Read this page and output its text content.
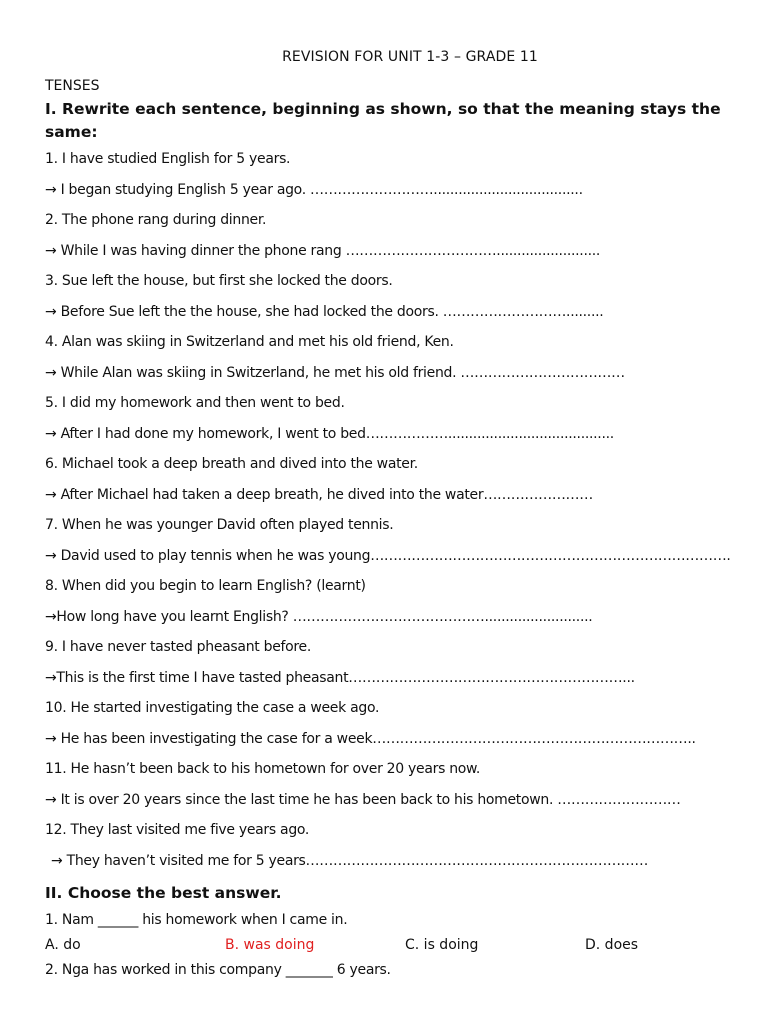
REVISION FOR UNIT 1-3 – GRADE 11
TENSES
I. Rewrite each sentence, beginning as shown, so that the meaning stays the same:
1. I have studied English for 5 years.
→ I began studying English 5 year ago. ………………………....................................
2. The phone rang during dinner.
→ While I was having dinner the phone rang …………………………….........................
3. Sue left the house, but first she locked the doors.
→ Before Sue left the the house, she had locked the doors. ……………………….........
4. Alan was skiing in Switzerland and met his old friend, Ken.
→ While Alan was skiing in Switzerland, he met his old friend. ………………………………
5. I did my homework and then went to bed.
→ After I had done my homework, I went to bed………………........................................
6. Michael took a deep breath and dived into the water.
→ After Michael had taken a deep breath, he dived into the water……………………
7. When he was younger David often played tennis.
→ David used to play tennis when he was young…………………………………………………………………….
8. When did you begin to learn English? (learnt)
→How long have you learnt English? ……………………………………..........................
9. I have never tasted pheasant before.
→This is the first time I have tasted pheasant……………………………………………………...
10. He started investigating the case a week ago.
→ He has been investigating the case for a week……………………………………………………………..
11. He hasn’t been back to his hometown for over 20 years now.
→ It is over 20 years since the last time he has been back to his hometown. ………………………
12. They last visited me five years ago.
→ They haven’t visited me for 5 years…………………………………………………………………
II. Choose the best answer.
1. Nam ______ his homework when I came in.
A. do	B. was doing	C. is doing	D. does
2. Nga has worked in this company _______ 6 years.
